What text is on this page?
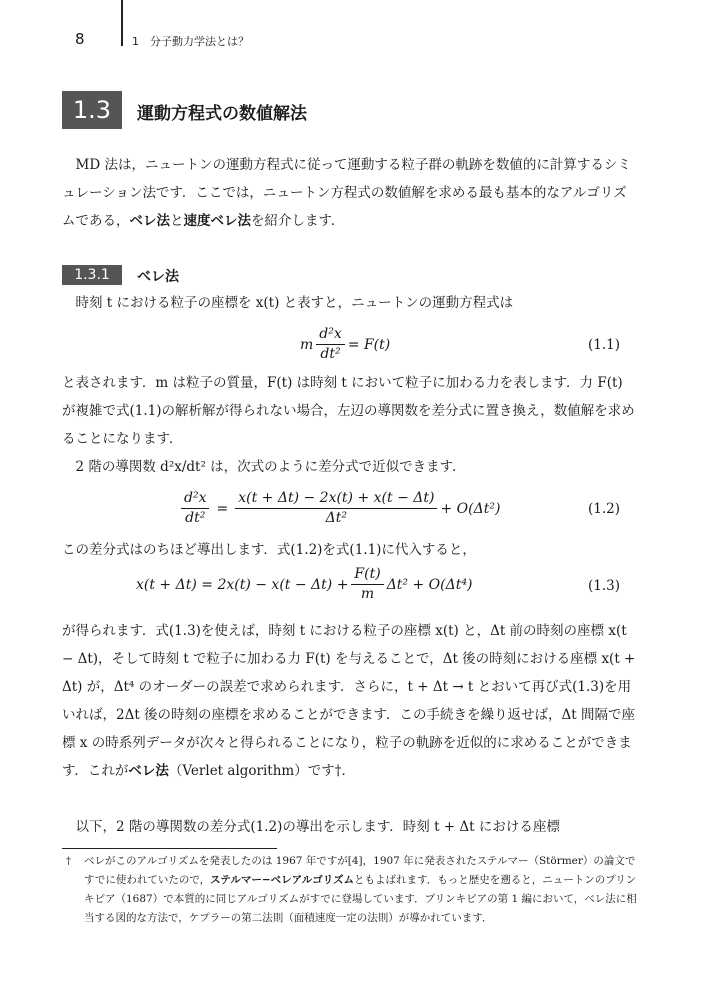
8	1　分子動力学法とは？
1.3	運動方程式の数値解法
MD 法は，ニュートンの運動方程式に従って運動する粒子群の軌跡を数値的に計算するシミュレーション法です．ここでは，ニュートン方程式の数値解を求める最も基本的なアルゴリズムである，ベレ法と速度ベレ法を紹介します．
1.3.1	ベレ法
時刻 t における粒子の座標を x(t) と表すと，ニュートンの運動方程式は
m $\frac{\text{d²x}}{\text{dt²}} = F(t)$	(1.1)
と表されます．m は粒子の質量，F(t) は時刻 t において粒子に加わる力を表します．力 F(t) が複雑で式(1.1)の解析解が得られない場合，左辺の導関数を差分式に置き換え，数値解を求めることになります．
2 階の導関数 d²x/dt² は，次式のように差分式で近似できます．
$\frac{\text{d²x}}{\text{dt²}} = \frac{x(t + \Delta t) - 2x(t) + x(t - \Delta t)}{\text{Δt²}} + O(\Delta t^2)$	(1.2)
この差分式はのちほど導出します．式(1.2)を式(1.1)に代入すると，
$x(t + \Delta t) = 2x(t) - x(t - \Delta t) + \frac{F(t)}{m} \Delta t^2 + O(\Delta t^4)$	(1.3)
が得られます．式(1.3)を使えば，時刻 t における粒子の座標 x(t) と，Δt 前の時刻の座標 x(t − Δt)，そして時刻 t で粒子に加わる力 F(t) を与えることで，Δt 後の時刻における座標 x(t + Δt) が，Δt⁴ のオーダーの誤差で求められます．さらに，t + Δt → t とおいて再び式(1.3)を用いれば，2Δt 後の時刻の座標を求めることができます．この手続きを繰り返せば，Δt 間隔で座標 x の時系列データが次々と得られることになり，粒子の軌跡を近似的に求めることができます．これがベレ法（Verlet algorithm）です†．
以下，2 階の導関数の差分式(1.2)の導出を示します．時刻 t + Δt における座標
† ベレがこのアルゴリズムを発表したのは 1967 年ですが[4]，1907 年に発表されたステルマー（Störmer）の論文ですでに使われていたので，ステルマー−ベレアルゴリズムともよばれます．もっと歴史を遡ると，ニュートンのプリンキピア（1687）で本質的に同じアルゴリズムがすでに登場しています．プリンキピアの第 1 編において，ベレ法に相当する図的な方法で，ケプラーの第二法則（面積速度一定の法則）が導かれています．
